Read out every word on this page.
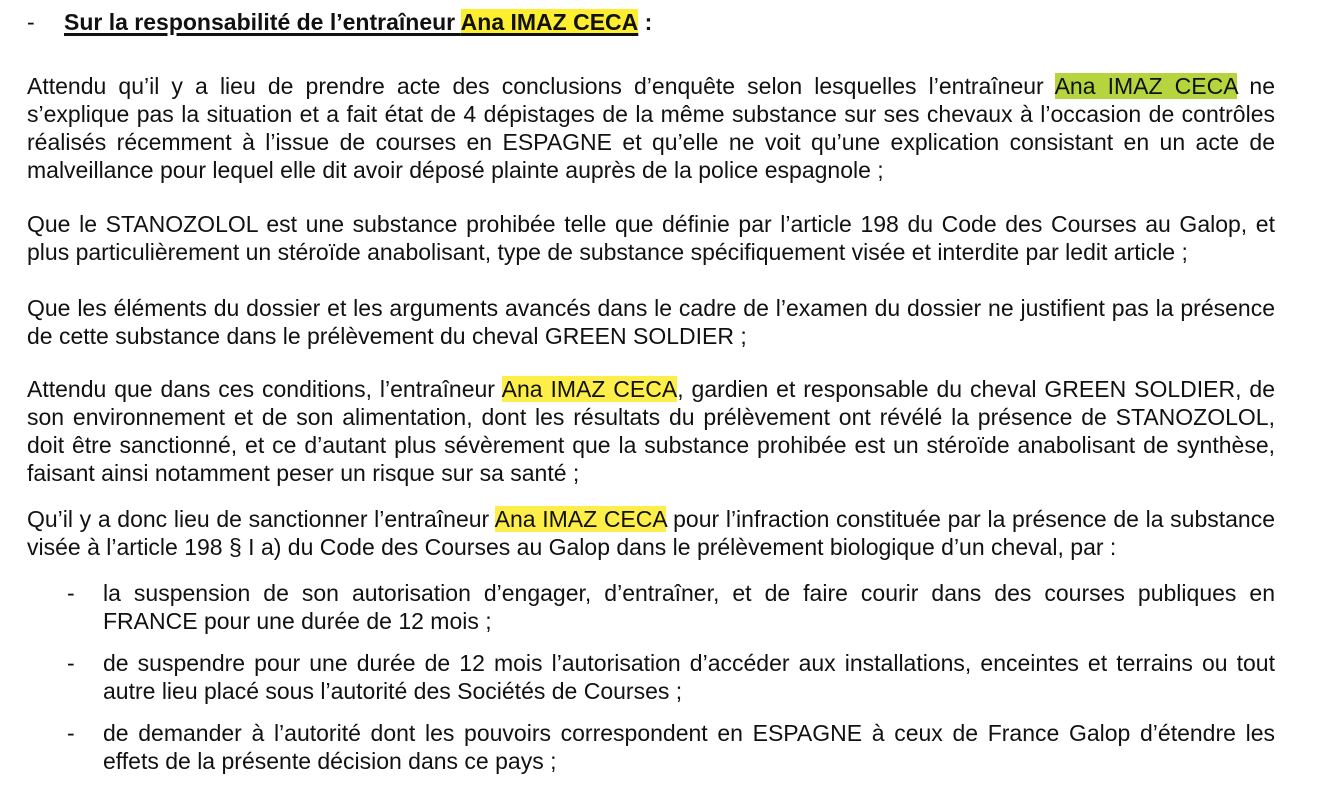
-	Sur la responsabilité de l’entraîneur Ana IMAZ CECA :

Attendu qu’il y a lieu de prendre acte des conclusions d’enquête selon lesquelles l’entraîneur Ana IMAZ CECA ne s’explique pas la situation et a fait état de 4 dépistages de la même substance sur ses chevaux à l’occasion de contrôles réalisés récemment à l’issue de courses en ESPAGNE et qu’elle ne voit qu’une explication consistant en un acte de malveillance pour lequel elle dit avoir déposé plainte auprès de la police espagnole ;

Que le STANOZOLOL est une substance prohibée telle que définie par l’article 198 du Code des Courses au Galop, et plus particulièrement un stéroïde anabolisant, type de substance spécifiquement visée et interdite par ledit article ;

Que les éléments du dossier et les arguments avancés dans le cadre de l’examen du dossier ne justifient pas la présence de cette substance dans le prélèvement du cheval GREEN SOLDIER ;

Attendu que dans ces conditions, l’entraîneur Ana IMAZ CECA, gardien et responsable du cheval GREEN SOLDIER, de son environnement et de son alimentation, dont les résultats du prélèvement ont révélé la présence de STANOZOLOL, doit être sanctionné, et ce d’autant plus sévèrement que la substance prohibée est un stéroïde anabolisant de synthèse, faisant ainsi notamment peser un risque sur sa santé ;

Qu’il y a donc lieu de sanctionner l’entraîneur Ana IMAZ CECA pour l’infraction constituée par la présence de la substance visée à l’article 198 § I a) du Code des Courses au Galop dans le prélèvement biologique d’un cheval, par :

-	la suspension de son autorisation d’engager, d’entraîner, et de faire courir dans des courses publiques en FRANCE pour une durée de 12 mois ;
-	de suspendre pour une durée de 12 mois l’autorisation d’accéder aux installations, enceintes et terrains ou tout autre lieu placé sous l’autorité des Sociétés de Courses ;
-	de demander à l’autorité dont les pouvoirs correspondent en ESPAGNE à ceux de France Galop d’étendre les effets de la présente décision dans ce pays ;
